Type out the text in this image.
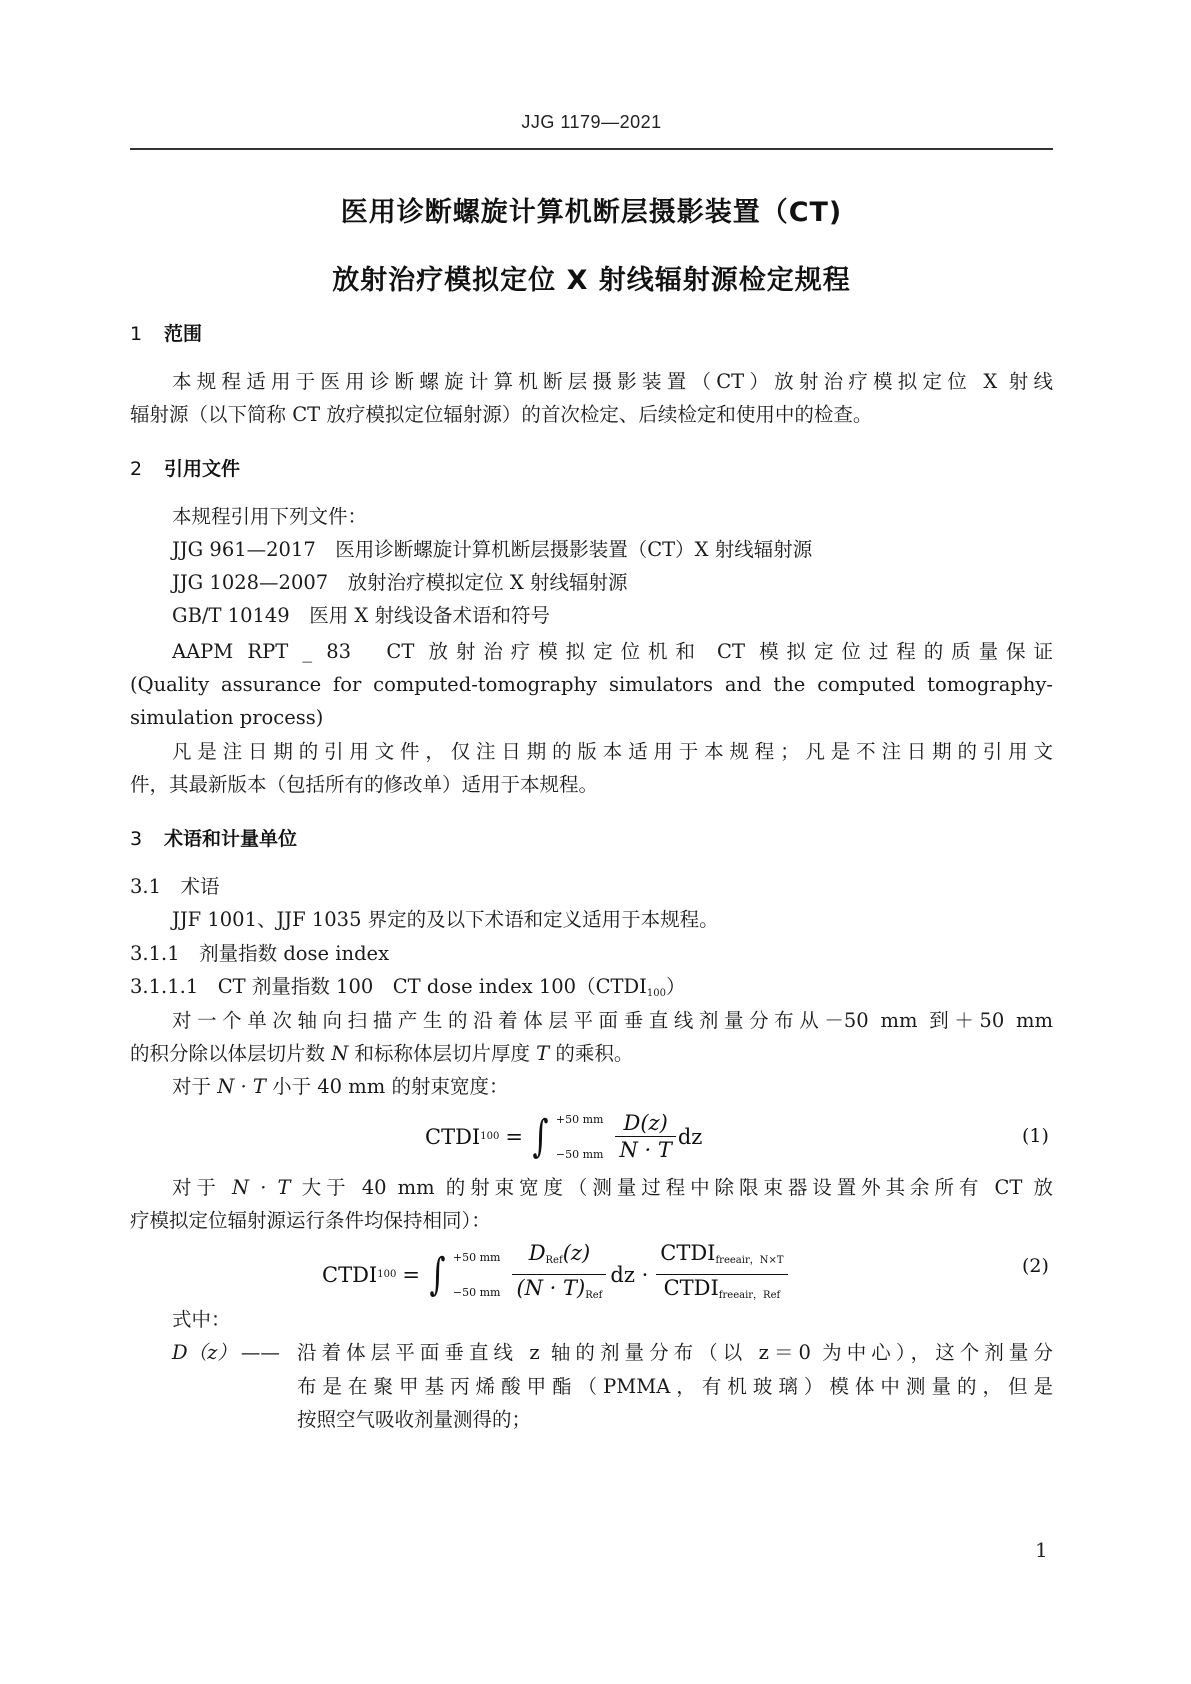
JJG 1179—2021
医用诊断螺旋计算机断层摄影装置（CT)
放射治疗模拟定位 X 射线辐射源检定规程
1 范围
本规程适用于医用诊断螺旋计算机断层摄影装置（CT）放射治疗模拟定位 X 射线
辐射源（以下简称 CT 放疗模拟定位辐射源）的首次检定、后续检定和使用中的检查。
2 引用文件
本规程引用下列文件：
JJG 961—2017　医用诊断螺旋计算机断层摄影装置（CT）X 射线辐射源
JJG 1028—2007　放射治疗模拟定位 X 射线辐射源
GB/T 10149　医用 X 射线设备术语和符号
AAPM RPT _ 83　CT 放射治疗模拟定位机和 CT 模拟定位过程的质量保证
(Quality assurance for computed-tomography simulators and the computed tomography-
simulation process)
凡是注日期的引用文件，仅注日期的版本适用于本规程；凡是不注日期的引用文
件，其最新版本（包括所有的修改单）适用于本规程。
3 术语和计量单位
3.1　术语
JJF 1001、JJF 1035 界定的及以下术语和定义适用于本规程。
3.1.1　剂量指数 dose index
3.1.1.1　CT 剂量指数 100　CT dose index $100(CTDI_{100})$
对一个单次轴向扫描产生的沿着体层平面垂直线剂量分布从－50 mm 到＋50 mm
的积分除以体层切片数 N 和标称体层切片厚度 T 的乘积。
对于 N · T 小于 40 mm 的射束宽度：
CTDI 100 = ∫ +50 mm
−50 mm $\frac{D(z)}{N \cdot T}$ dz	(1)
对于 N · T 大于 40 mm 的射束宽度（测量过程中除限束器设置外其余所有 CT 放
疗模拟定位辐射源运行条件均保持相同）：
CTDI 100 = ∫ +50 mm
−50 mm $\frac{D_{Ref}(z)}{(N \cdot T)_{Ref}}$ dz · $\frac{CTDI_{freeair,N\times T}}{CTDI_{freeair,Ref}}$	(2)
式中：
D（z） —— 沿着体层平面垂直线 z 轴的剂量分布（以 z＝0 为中心），这个剂量分
布是在聚甲基丙烯酸甲酯（PMMA，有机玻璃）模体中测量的，但是
按照空气吸收剂量测得的；
1
